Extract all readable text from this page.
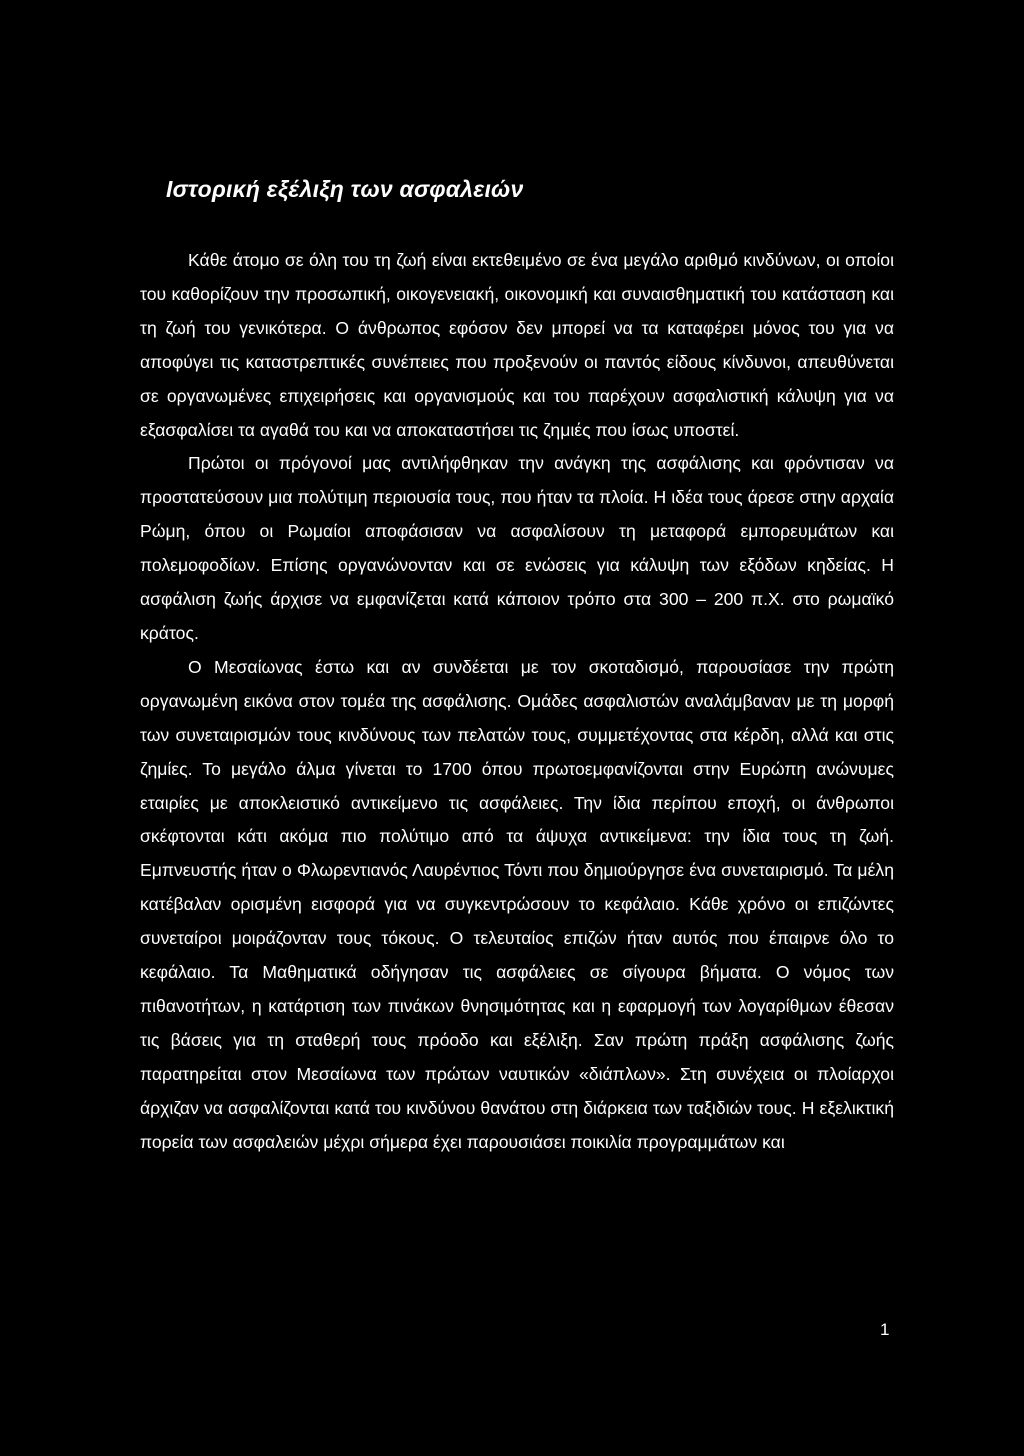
Ιστορική εξέλιξη των ασφαλειών

Κάθε άτομο σε όλη του τη ζωή είναι εκτεθειμένο σε ένα μεγάλο αριθμό κινδύνων, οι οποίοι του καθορίζουν την προσωπική, οικογενειακή, οικονομική και συναισθηματική του κατάσταση και τη ζωή του γενικότερα. Ο άνθρωπος εφόσον δεν μπορεί να τα καταφέρει μόνος του για να αποφύγει τις καταστρεπτικές συνέπειες που προξενούν οι παντός είδους κίνδυνοι, απευθύνεται σε οργανωμένες επιχειρήσεις και οργανισμούς και του παρέχουν ασφαλιστική κάλυψη για να εξασφαλίσει τα αγαθά του και να αποκαταστήσει τις ζημιές που ίσως υποστεί.

Πρώτοι οι πρόγονοί μας αντιλήφθηκαν την ανάγκη της ασφάλισης και φρόντισαν να προστατεύσουν μια πολύτιμη περιουσία τους, που ήταν τα πλοία. Η ιδέα τους άρεσε στην αρχαία Ρώμη, όπου οι Ρωμαίοι αποφάσισαν να ασφαλίσουν τη μεταφορά εμπορευμάτων και πολεμοφοδίων. Επίσης οργανώνονταν και σε ενώσεις για κάλυψη των εξόδων κηδείας. Η ασφάλιση ζωής άρχισε να εμφανίζεται κατά κάποιον τρόπο στα 300 – 200 π.Χ. στο ρωμαϊκό κράτος.

Ο Μεσαίωνας έστω και αν συνδέεται με τον σκοταδισμό, παρουσίασε την πρώτη οργανωμένη εικόνα στον τομέα της ασφάλισης. Ομάδες ασφαλιστών αναλάμβαναν με τη μορφή των συνεταιρισμών τους κινδύνους των πελατών τους, συμμετέχοντας στα κέρδη, αλλά και στις ζημίες. Το μεγάλο άλμα γίνεται το 1700 όπου πρωτοεμφανίζονται στην Ευρώπη ανώνυμες εταιρίες με αποκλειστικό αντικείμενο τις ασφάλειες. Την ίδια περίπου εποχή, οι άνθρωποι σκέφτονται κάτι ακόμα πιο πολύτιμο από τα άψυχα αντικείμενα: την ίδια τους τη ζωή. Εμπνευστής ήταν ο Φλωρεντιανός Λαυρέντιος Τόντι που δημιούργησε ένα συνεταιρισμό. Τα μέλη κατέβαλαν ορισμένη εισφορά για να συγκεντρώσουν το κεφάλαιο. Κάθε χρόνο οι επιζώντες συνεταίροι μοιράζονταν τους τόκους. Ο τελευταίος επιζών ήταν αυτός που έπαιρνε όλο το κεφάλαιο. Τα Μαθηματικά οδήγησαν τις ασφάλειες σε σίγουρα βήματα. Ο νόμος των πιθανοτήτων, η κατάρτιση των πινάκων θνησιμότητας και η εφαρμογή των λογαρίθμων έθεσαν τις βάσεις για τη σταθερή τους πρόοδο και εξέλιξη. Σαν πρώτη πράξη ασφάλισης ζωής παρατηρείται στον Μεσαίωνα των πρώτων ναυτικών «διάπλων». Στη συνέχεια οι πλοίαρχοι άρχιζαν να ασφαλίζονται κατά του κινδύνου θανάτου στη διάρκεια των ταξιδιών τους. Η εξελικτική πορεία των ασφαλειών μέχρι σήμερα έχει παρουσιάσει ποικιλία προγραμμάτων και

1
